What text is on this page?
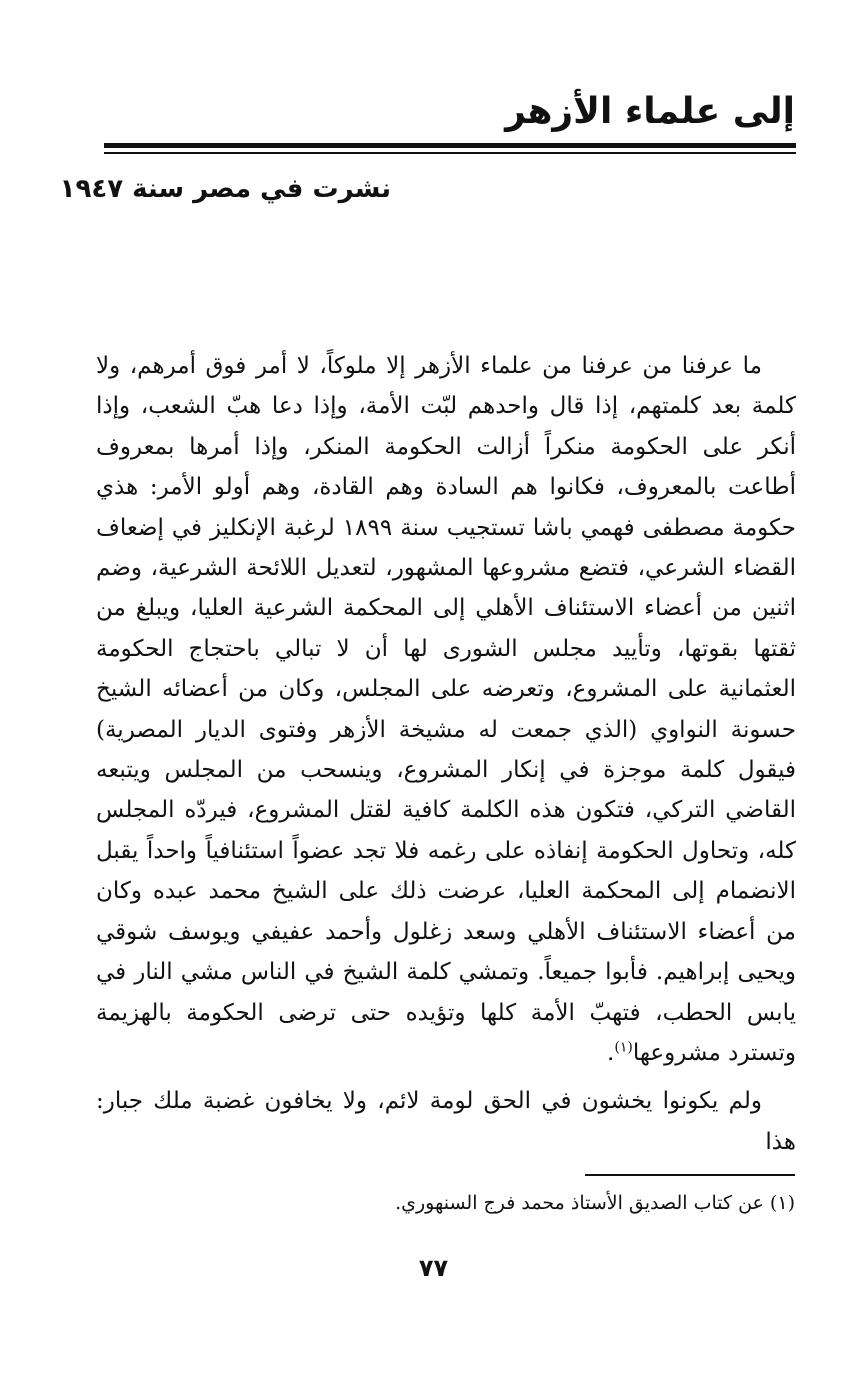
إلى علماء الأزهر
نشرت في مصر سنة ١٩٤٧

ما عرفنا من عرفنا من علماء الأزهر إلا ملوكاً، لا أمر فوق أمرهم، ولا كلمة بعد كلمتهم، إذا قال واحدهم لبّت الأمة، وإذا دعا هبّ الشعب، وإذا أنكر على الحكومة منكراً أزالت الحكومة المنكر، وإذا أمرها بمعروف أطاعت بالمعروف، فكانوا هم السادة وهم القادة، وهم أولو الأمر: هذي حكومة مصطفى فهمي باشا تستجيب سنة ١٨٩٩ لرغبة الإنكليز في إضعاف القضاء الشرعي، فتضع مشروعها المشهور، لتعديل اللائحة الشرعية، وضم اثنين من أعضاء الاستئناف الأهلي إلى المحكمة الشرعية العليا، ويبلغ من ثقتها بقوتها، وتأييد مجلس الشورى لها أن لا تبالي باحتجاج الحكومة العثمانية على المشروع، وتعرضه على المجلس، وكان من أعضائه الشيخ حسونة النواوي (الذي جمعت له مشيخة الأزهر وفتوى الديار المصرية) فيقول كلمة موجزة في إنكار المشروع، وينسحب من المجلس ويتبعه القاضي التركي، فتكون هذه الكلمة كافية لقتل المشروع، فيردّه المجلس كله، وتحاول الحكومة إنفاذه على رغمه فلا تجد عضواً استئنافياً واحداً يقبل الانضمام إلى المحكمة العليا، عرضت ذلك على الشيخ محمد عبده وكان من أعضاء الاستئناف الأهلي وسعد زغلول وأحمد عفيفي ويوسف شوقي ويحيى إبراهيم. فأبوا جميعاً. وتمشي كلمة الشيخ في الناس مشي النار في يابس الحطب، فتهبّ الأمة كلها وتؤيده حتى ترضى الحكومة بالهزيمة وتسترد مشروعها$^{(١)}$.

ولم يكونوا يخشون في الحق لومة لائم، ولا يخافون غضبة ملك جبار: هذا

(١) عن كتاب الصديق الأستاذ محمد فرج السنهوري.

٧٧
